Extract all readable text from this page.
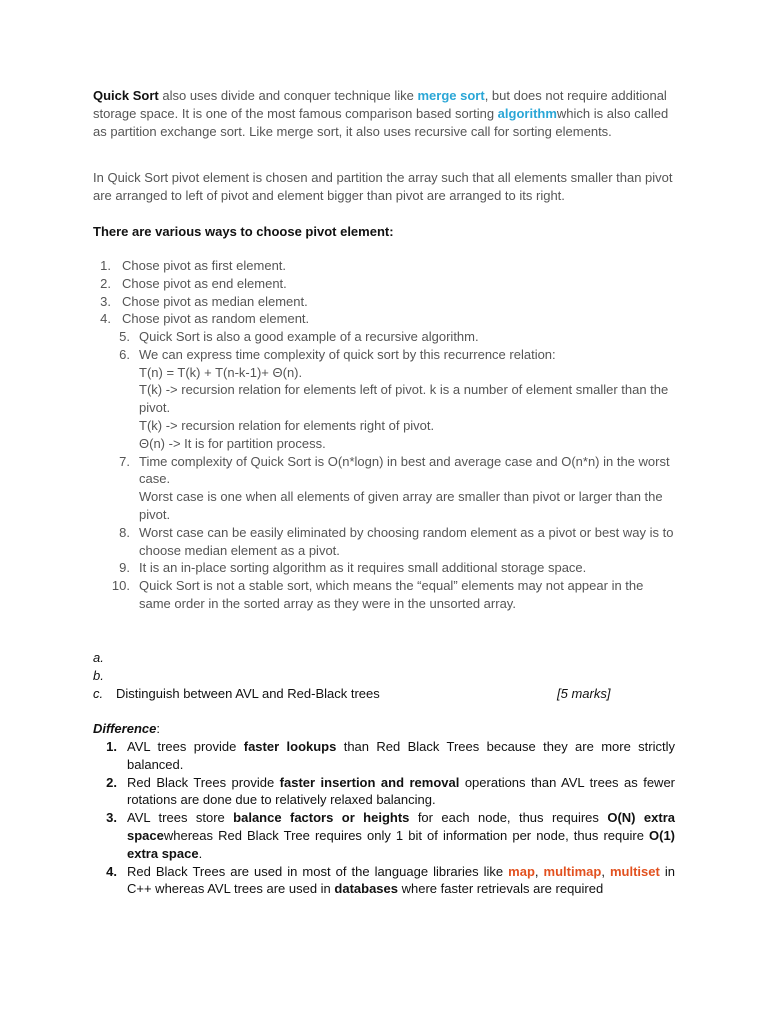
Quick Sort also uses divide and conquer technique like merge sort, but does not require additional storage space. It is one of the most famous comparison based sorting algorithmwhich is also called as partition exchange sort. Like merge sort, it also uses recursive call for sorting elements.

In Quick Sort pivot element is chosen and partition the array such that all elements smaller than pivot are arranged to left of pivot and element bigger than pivot are arranged to its right.

There are various ways to choose pivot element:

1. Chose pivot as first element.
2. Chose pivot as end element.
3. Chose pivot as median element.
4. Chose pivot as random element.
5. Quick Sort is also a good example of a recursive algorithm.
6. We can express time complexity of quick sort by this recurrence relation:
T(n) = T(k) + T(n-k-1)+ Θ(n).
T(k) -> recursion relation for elements left of pivot. k is a number of element smaller than the pivot.
T(k) -> recursion relation for elements right of pivot.
Θ(n) -> It is for partition process.
7. Time complexity of Quick Sort is O(n*logn) in best and average case and O(n*n) in the worst case.
Worst case is one when all elements of given array are smaller than pivot or larger than the pivot.
8. Worst case can be easily eliminated by choosing random element as a pivot or best way is to choose median element as a pivot.
9. It is an in-place sorting algorithm as it requires small additional storage space.
10. Quick Sort is not a stable sort, which means the “equal” elements may not appear in the same order in the sorted array as they were in the unsorted array.
a.
b.
c. Distinguish between AVL and Red-Black trees	[5 marks]
Difference:
1. AVL trees provide faster lookups than Red Black Trees because they are more strictly balanced.
2. Red Black Trees provide faster insertion and removal operations than AVL trees as fewer rotations are done due to relatively relaxed balancing.
3. AVL trees store balance factors or heights for each node, thus requires O(N) extra spacewhereas Red Black Tree requires only 1 bit of information per node, thus require O(1) extra space.
4. Red Black Trees are used in most of the language libraries like map, multimap, multiset in C++ whereas AVL trees are used in databases where faster retrievals are required
